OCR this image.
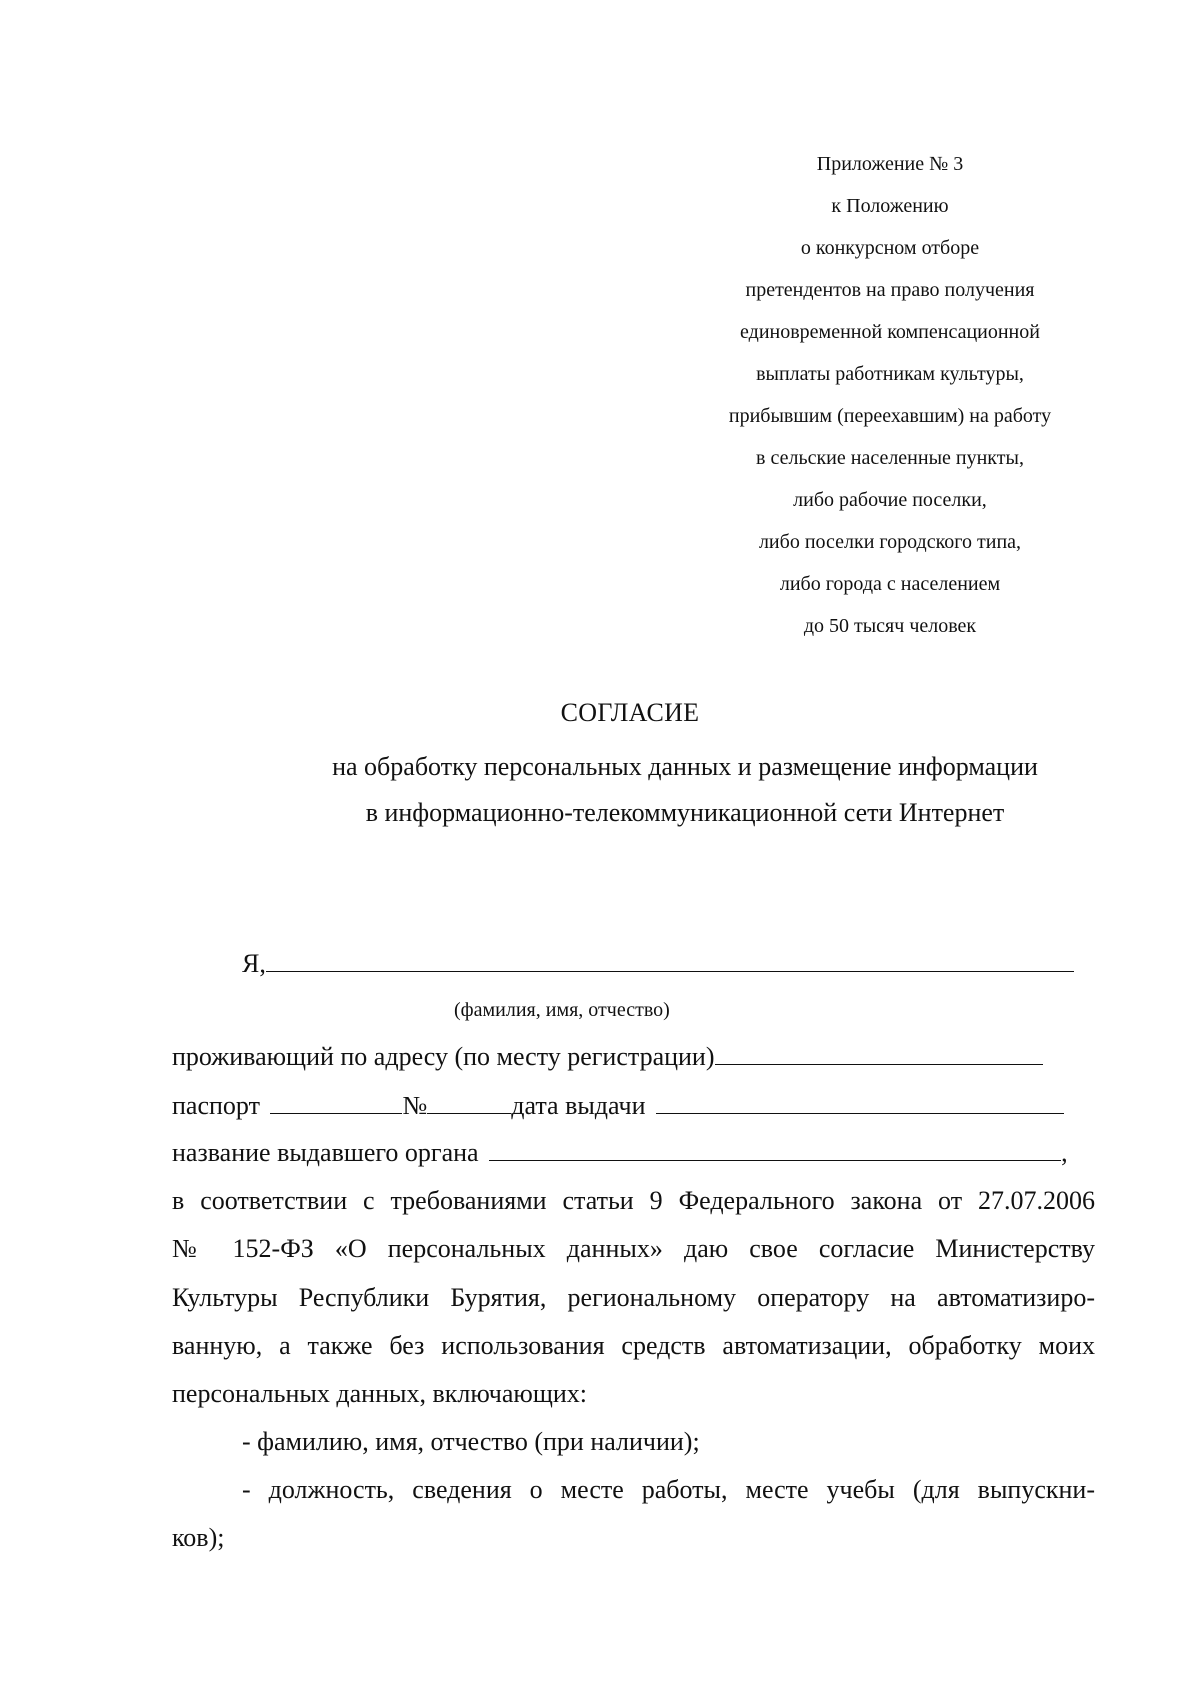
Приложение № 3
к Положению
о конкурсном отборе
претендентов на право получения
единовременной компенсационной
выплаты работникам культуры,
прибывшим (переехавшим) на работу
в сельские населенные пункты,
либо рабочие поселки,
либо поселки городского типа,
либо города с населением
до 50 тысяч человек
СОГЛАСИЕ
на обработку персональных данных и размещение информации
в информационно-телекоммуникационной сети Интернет
Я,
(фамилия, имя, отчество)
проживающий по адресу (по месту регистрации)
паспорт	№	дата выдачи
название выдавшего органа	,
в соответствии с требованиями статьи 9 Федерального закона от 27.07.2006
№ 152-ФЗ «О персональных данных» даю свое согласие Министерству
Культуры Республики Бурятия, региональному оператору на автоматизиро-
ванную, а также без использования средств автоматизации, обработку моих
персональных данных, включающих:
- фамилию, имя, отчество (при наличии);
- должность, сведения о месте работы, месте учебы (для выпускни-
ков);
